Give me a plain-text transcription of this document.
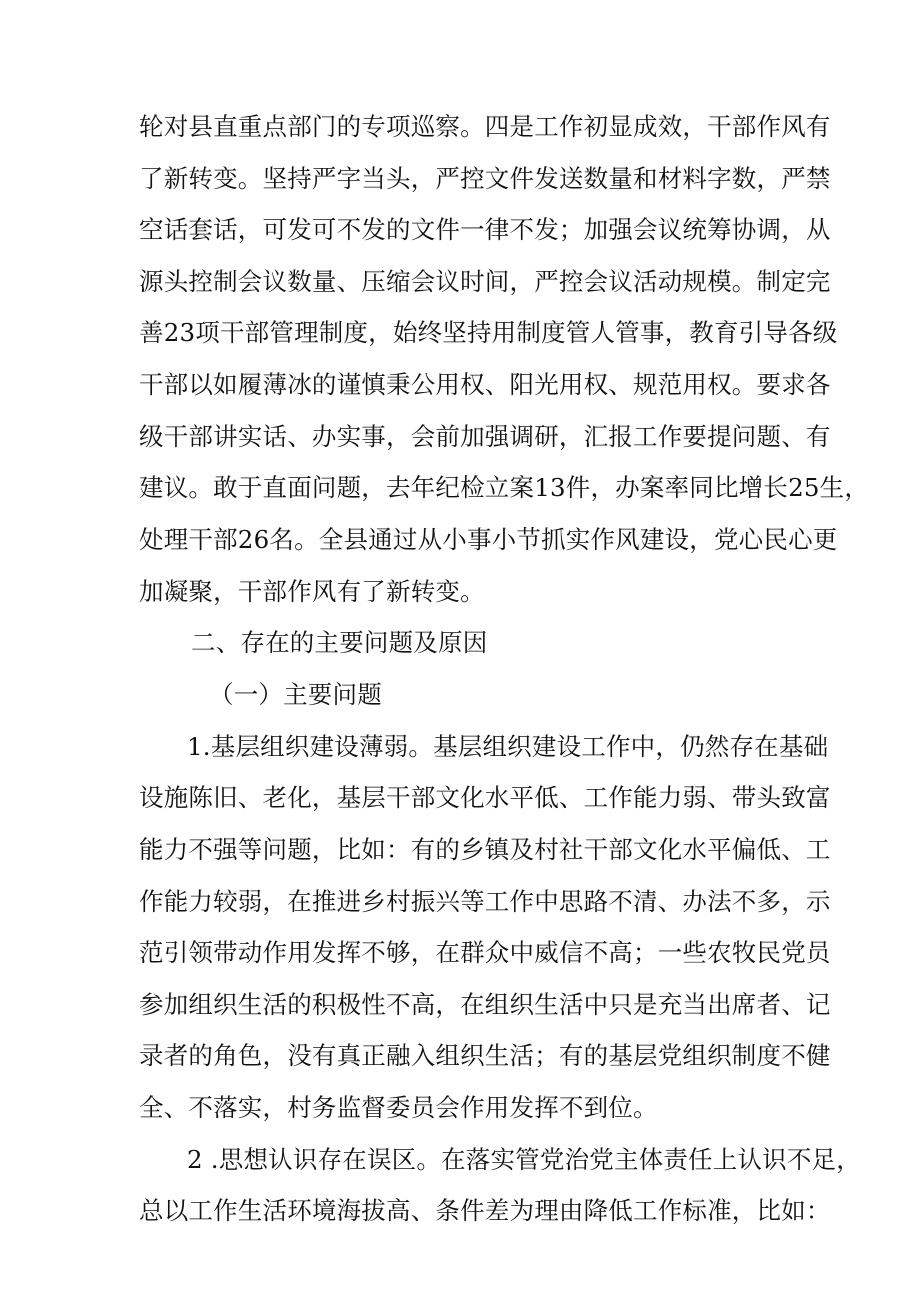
轮对县直重点部门的专项巡察。四是工作初显成效，干部作风有
了新转变。坚持严字当头，严控文件发送数量和材料字数，严禁
空话套话，可发可不发的文件一律不发；加强会议统筹协调，从
源头控制会议数量、压缩会议时间，严控会议活动规模。制定完
善23项干部管理制度，始终坚持用制度管人管事，教育引导各级
干部以如履薄冰的谨慎秉公用权、阳光用权、规范用权。要求各
级干部讲实话、办实事，会前加强调研，汇报工作要提问题、有
建议。敢于直面问题，去年纪检立案13件，办案率同比增长25生，
处理干部26名。全县通过从小事小节抓实作风建设，党心民心更
加凝聚，干部作风有了新转变。
二、存在的主要问题及原因
（一）主要问题
1.基层组织建设薄弱。基层组织建设工作中，仍然存在基础
设施陈旧、老化，基层干部文化水平低、工作能力弱、带头致富
能力不强等问题，比如：有的乡镇及村社干部文化水平偏低、工
作能力较弱，在推进乡村振兴等工作中思路不清、办法不多，示
范引领带动作用发挥不够，在群众中威信不高；一些农牧民党员
参加组织生活的积极性不高，在组织生活中只是充当出席者、记
录者的角色，没有真正融入组织生活；有的基层党组织制度不健
全、不落实，村务监督委员会作用发挥不到位。
2 .思想认识存在误区。在落实管党治党主体责任上认识不足，
总以工作生活环境海拔高、条件差为理由降低工作标准，比如：
